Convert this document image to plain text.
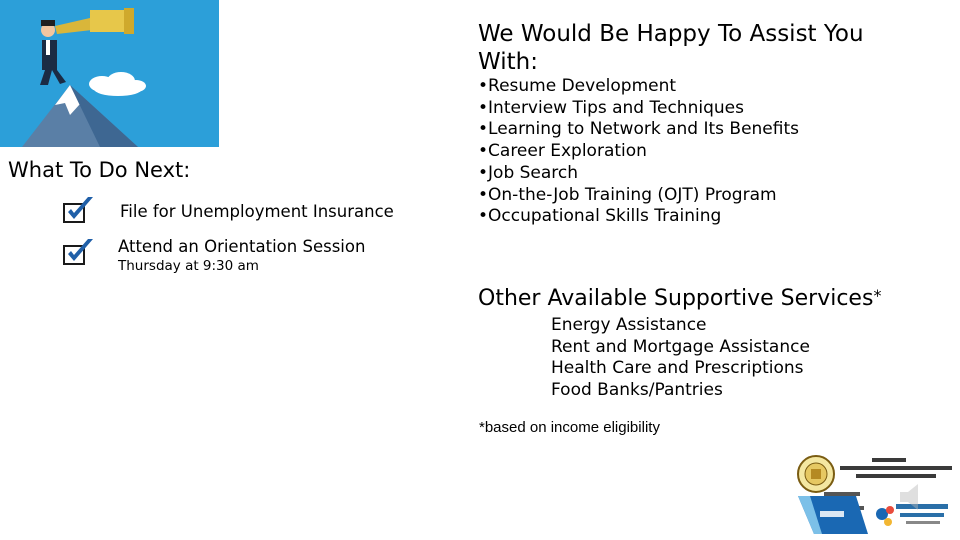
What To Do Next:
File for Unemployment Insurance
Attend an Orientation Session
Thursday at 9:30 am
We Would Be Happy To Assist You With:
•Resume Development
•Interview Tips and Techniques
•Learning to Network and Its Benefits
•Career Exploration
•Job Search
•On-the-Job Training (OJT) Program
•Occupational Skills Training
Other Available Supportive Services*
Energy Assistance
Rent and Mortgage Assistance
Health Care and Prescriptions
Food Banks/Pantries
*based on income eligibility
